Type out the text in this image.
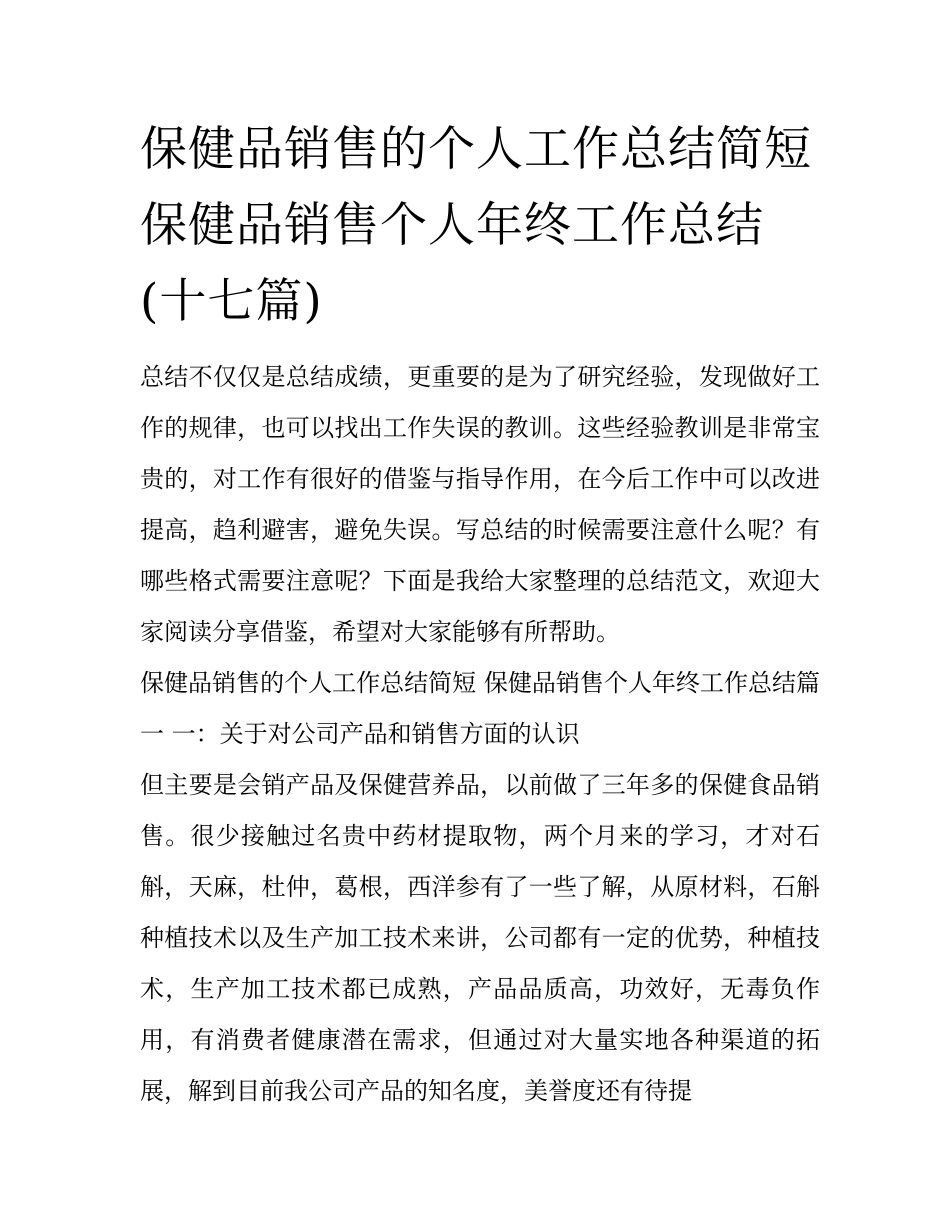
保健品销售的个人工作总结简短 保健品销售个人年终工作总结(十七篇)

总结不仅仅是总结成绩，更重要的是为了研究经验，发现做好工作的规律，也可以找出工作失误的教训。这些经验教训是非常宝贵的，对工作有很好的借鉴与指导作用，在今后工作中可以改进提高，趋利避害，避免失误。写总结的时候需要注意什么呢？有哪些格式需要注意呢？下面是我给大家整理的总结范文，欢迎大家阅读分享借鉴，希望对大家能够有所帮助。

保健品销售的个人工作总结简短 保健品销售个人年终工作总结篇一 一：关于对公司产品和销售方面的认识

但主要是会销产品及保健营养品，以前做了三年多的保健食品销售。很少接触过名贵中药材提取物，两个月来的学习，才对石斛，天麻，杜仲，葛根，西洋参有了一些了解，从原材料，石斛种植技术以及生产加工技术来讲，公司都有一定的优势，种植技术，生产加工技术都已成熟，产品品质高，功效好，无毒负作用，有消费者健康潜在需求，但通过对大量实地各种渠道的拓展，解到目前我公司产品的知名度，美誉度还有待提
